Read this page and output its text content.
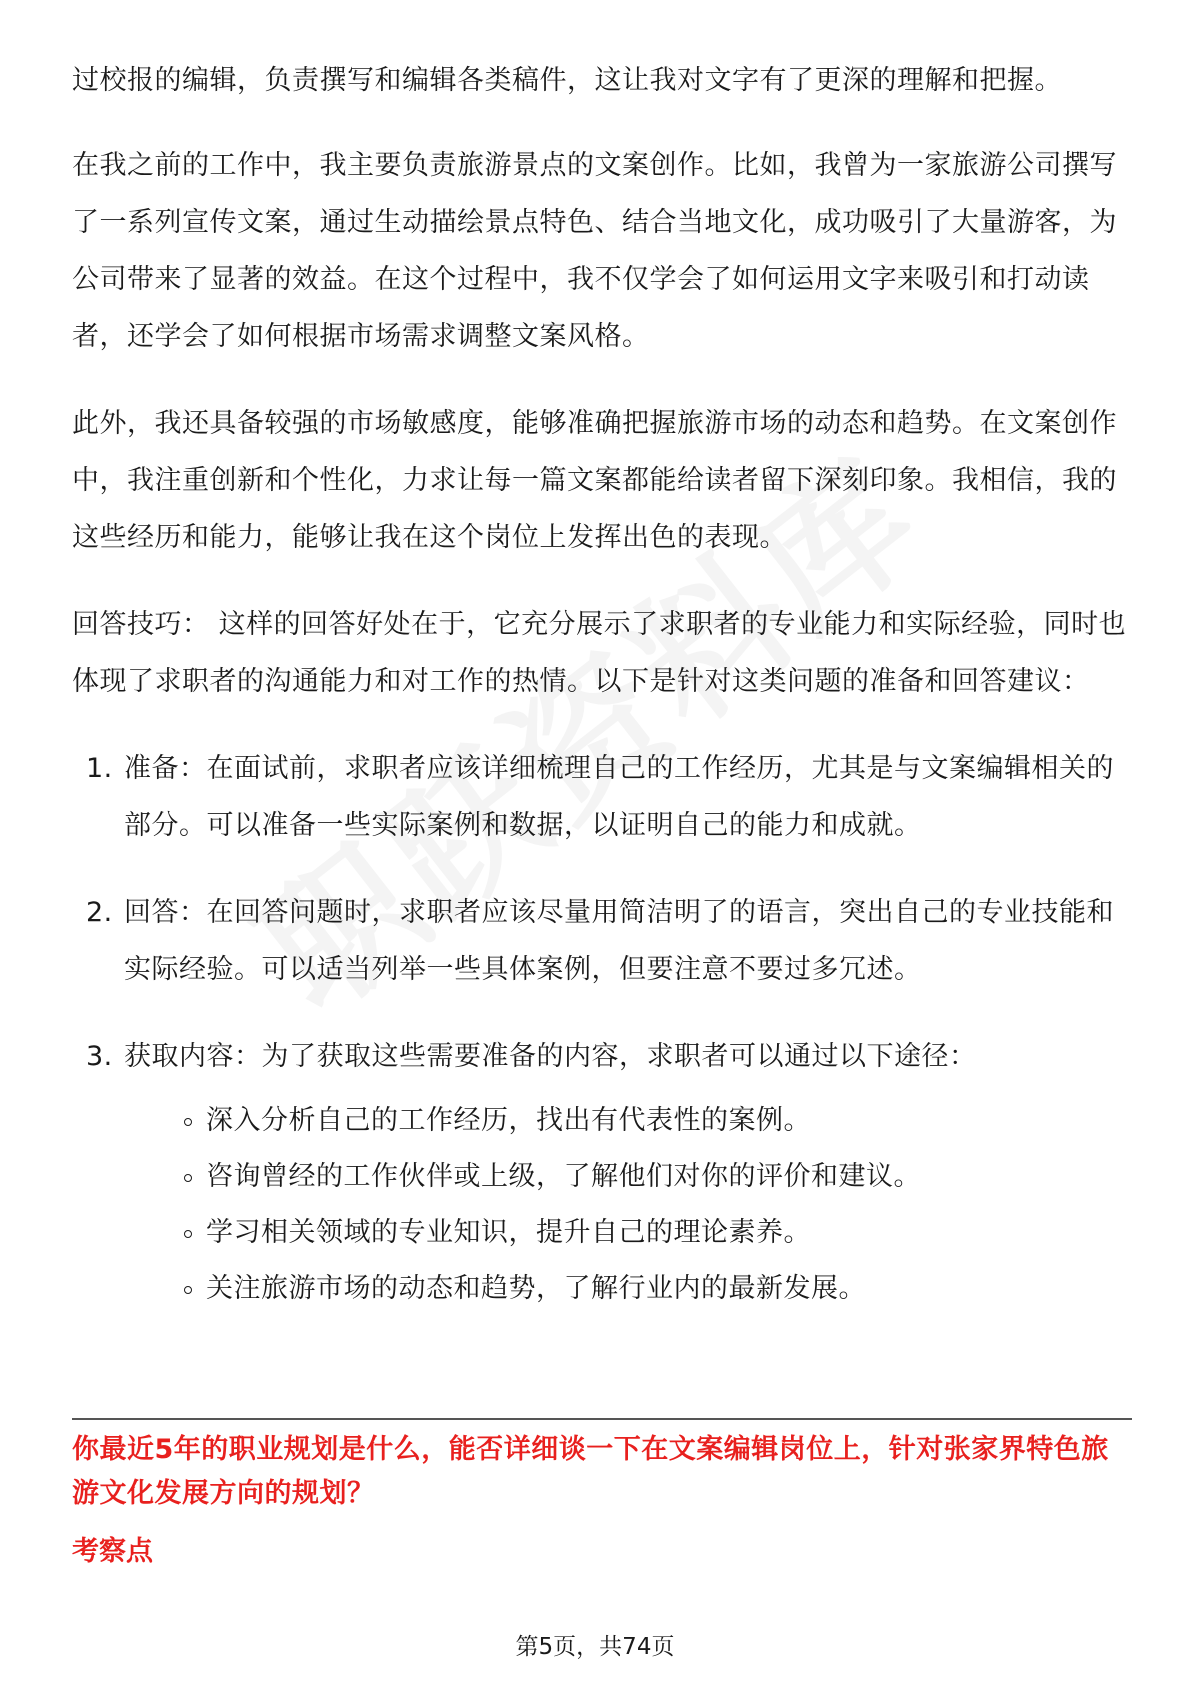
过校报的编辑，负责撰写和编辑各类稿件，这让我对文字有了更深的理解和把握。

在我之前的工作中，我主要负责旅游景点的文案创作。比如，我曾为一家旅游公司撰写了一系列宣传文案，通过生动描绘景点特色、结合当地文化，成功吸引了大量游客，为公司带来了显著的效益。在这个过程中，我不仅学会了如何运用文字来吸引和打动读者，还学会了如何根据市场需求调整文案风格。

此外，我还具备较强的市场敏感度，能够准确把握旅游市场的动态和趋势。在文案创作中，我注重创新和个性化，力求让每一篇文案都能给读者留下深刻印象。我相信，我的这些经历和能力，能够让我在这个岗位上发挥出色的表现。

回答技巧： 这样的回答好处在于，它充分展示了求职者的专业能力和实际经验，同时也体现了求职者的沟通能力和对工作的热情。以下是针对这类问题的准备和回答建议：

1. 准备：在面试前，求职者应该详细梳理自己的工作经历，尤其是与文案编辑相关的部分。可以准备一些实际案例和数据，以证明自己的能力和成就。
2. 回答：在回答问题时，求职者应该尽量用简洁明了的语言，突出自己的专业技能和实际经验。可以适当列举一些具体案例，但要注意不要过多冗述。
3. 获取内容：为了获取这些需要准备的内容，求职者可以通过以下途径：
深入分析自己的工作经历，找出有代表性的案例。
咨询曾经的工作伙伴或上级，了解他们对你的评价和建议。
学习相关领域的专业知识，提升自己的理论素养。
关注旅游市场的动态和趋势，了解行业内的最新发展。
你最近5年的职业规划是什么，能否详细谈一下在文案编辑岗位上，针对张家界特色旅游文化发展方向的规划？
考察点
第5页，共74页
